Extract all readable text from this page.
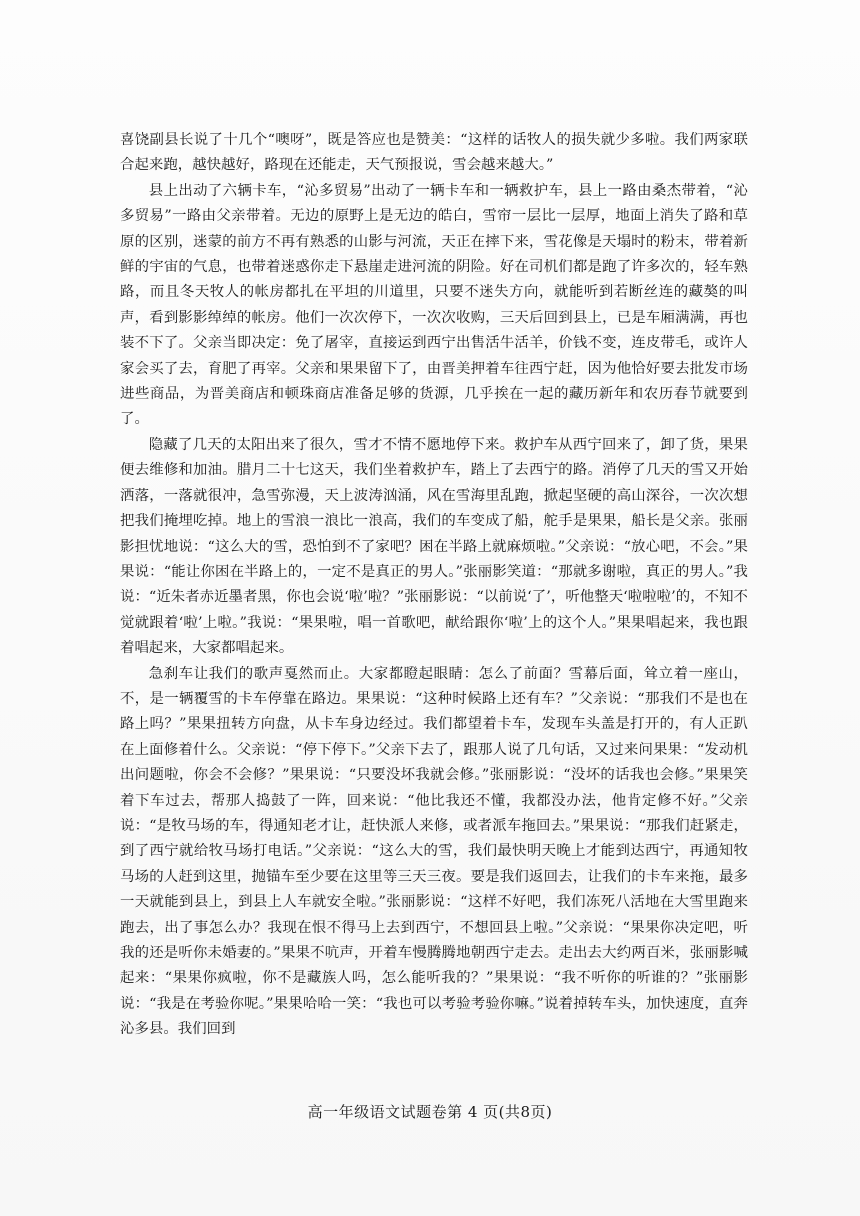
喜饶副县长说了十几个“噢呀”，既是答应也是赞美：“这样的话牧人的损失就少多啦。我们两家联合起来跑，越快越好，路现在还能走，天气预报说，雪会越来越大。”

县上出动了六辆卡车，“沁多贸易”出动了一辆卡车和一辆救护车，县上一路由桑杰带着，“沁多贸易”一路由父亲带着。无边的原野上是无边的皓白，雪帘一层比一层厚，地面上消失了路和草原的区别，迷蒙的前方不再有熟悉的山影与河流，天正在摔下来，雪花像是天塌时的粉末，带着新鲜的宇宙的气息，也带着迷惑你走下悬崖走进河流的阴险。好在司机们都是跑了许多次的，轻车熟路，而且冬天牧人的帐房都扎在平坦的川道里，只要不迷失方向，就能听到若断丝连的藏獒的叫声，看到影影绰绰的帐房。他们一次次停下，一次次收购，三天后回到县上，已是车厢满满，再也装不下了。父亲当即决定：免了屠宰，直接运到西宁出售活牛活羊，价钱不变，连皮带毛，或许人家会买了去，育肥了再宰。父亲和果果留下了，由晋美押着车往西宁赶，因为他恰好要去批发市场进些商品，为晋美商店和顿珠商店准备足够的货源，几乎挨在一起的藏历新年和农历春节就要到了。

隐藏了几天的太阳出来了很久，雪才不情不愿地停下来。救护车从西宁回来了，卸了货，果果便去维修和加油。腊月二十七这天，我们坐着救护车，踏上了去西宁的路。消停了几天的雪又开始洒落，一落就很冲，急雪弥漫，天上波涛汹涌，风在雪海里乱跑，掀起坚硬的高山深谷，一次次想把我们掩埋吃掉。地上的雪浪一浪比一浪高，我们的车变成了船，舵手是果果，船长是父亲。张丽影担忧地说：“这么大的雪，恐怕到不了家吧？困在半路上就麻烦啦。”父亲说：“放心吧，不会。”果果说：“能让你困在半路上的，一定不是真正的男人。”张丽影笑道：“那就多谢啦，真正的男人。”我说：“近朱者赤近墨者黑，你也会说‘啦’啦？”张丽影说：“以前说‘了’，听他整天‘啦啦啦’的，不知不觉就跟着‘啦’上啦。”我说：“果果啦，唱一首歌吧，献给跟你‘啦’上的这个人。”果果唱起来，我也跟着唱起来，大家都唱起来。

急刹车让我们的歌声戛然而止。大家都瞪起眼睛：怎么了前面？雪幕后面，耸立着一座山，不，是一辆覆雪的卡车停靠在路边。果果说：“这种时候路上还有车？”父亲说：“那我们不是也在路上吗？”果果扭转方向盘，从卡车身边经过。我们都望着卡车，发现车头盖是打开的，有人正趴在上面修着什么。父亲说：“停下停下。”父亲下去了，跟那人说了几句话，又过来问果果：“发动机出问题啦，你会不会修？”果果说：“只要没坏我就会修。”张丽影说：“没坏的话我也会修。”果果笑着下车过去，帮那人捣鼓了一阵，回来说：“他比我还不懂，我都没办法，他肯定修不好。”父亲说：“是牧马场的车，得通知老才让，赶快派人来修，或者派车拖回去。”果果说：“那我们赶紧走，到了西宁就给牧马场打电话。”父亲说：“这么大的雪，我们最快明天晚上才能到达西宁，再通知牧马场的人赶到这里，抛锚车至少要在这里等三天三夜。要是我们返回去，让我们的卡车来拖，最多一天就能到县上，到县上人车就安全啦。”张丽影说：“这样不好吧，我们冻死八活地在大雪里跑来跑去，出了事怎么办？我现在恨不得马上去到西宁，不想回县上啦。”父亲说：“果果你决定吧，听我的还是听你未婚妻的。”果果不吭声，开着车慢腾腾地朝西宁走去。走出去大约两百米，张丽影喊起来：“果果你疯啦，你不是藏族人吗，怎么能听我的？”果果说：“我不听你的听谁的？”张丽影说：“我是在考验你呢。”果果哈哈一笑：“我也可以考验考验你嘛。”说着掉转车头，加快速度，直奔沁多县。我们回到

高一年级语文试题卷第 4 页(共8页)
